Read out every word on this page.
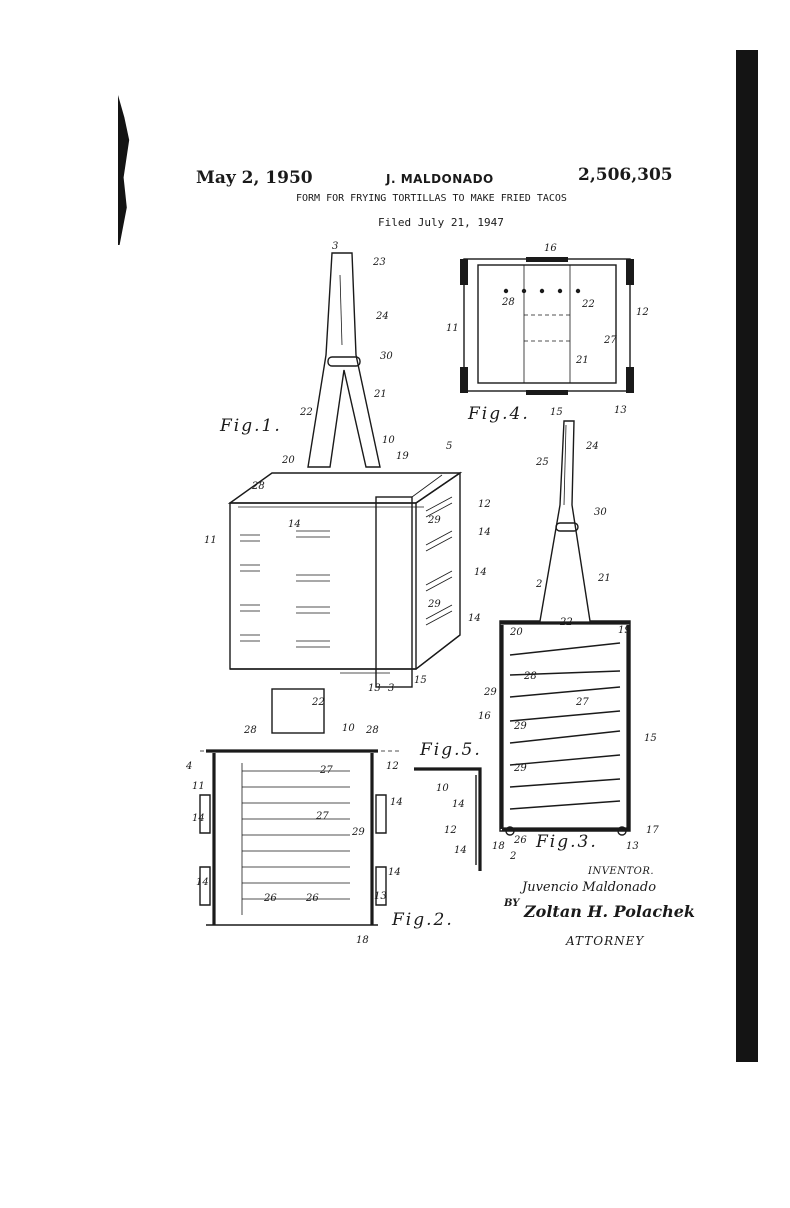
May 2, 1950	J. MALDONADO	2,506,305
FORM FOR FRYING TORTILLAS TO MAKE FRIED TACOS
Filed July 21, 1947
Fig.1.
Fig.2.
Fig.3.
Fig.4.
Fig.5.
3
23
24
30
22
21
10
5
19
20
28
12
14
14
11
29
14
29
14
13 3
15
16
11
12
28	22
27
21
15	13
24
25
30
2
21
22
20	19
28
29
27
16
29
15
29
17
26
18
2
13
22
28	10 28
4	12
27
11
14
14	27
29
14
14
26	26	13
18
10
14
12
14
INVENTOR.
Juvencio Maldonado
BY Zoltan H. Polachek
ATTORNEY
